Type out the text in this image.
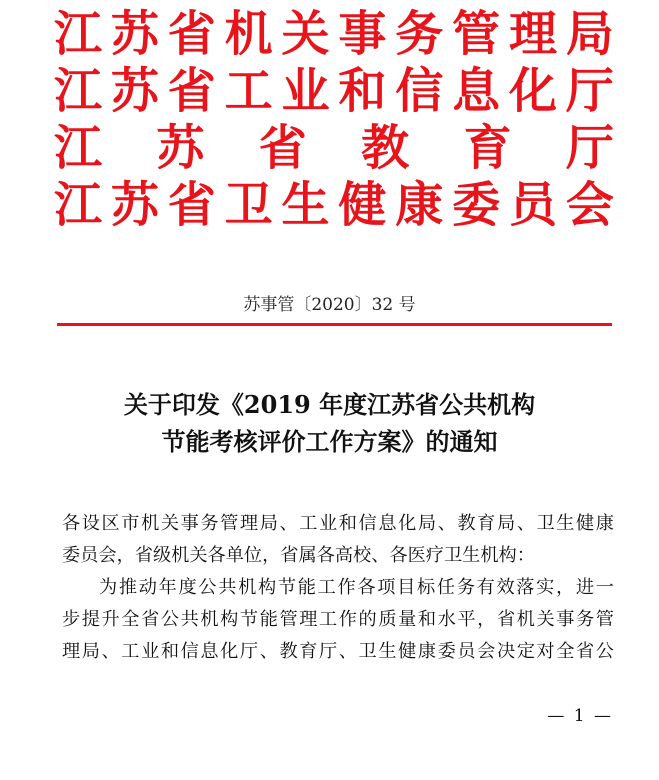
江 苏 省 机 关 事 务 管 理 局
江 苏 省 工 业 和 信 息 化 厅
江 苏 省 教 育 厅
江 苏 省 卫 生 健 康 委 员 会
苏事管〔2020〕32 号
关于印发《2019 年度江苏省公共机构
节能考核评价工作方案》的通知
各设区市机关事务管理局、工业和信息化局、教育局、卫生健康
委员会，省级机关各单位，省属各高校、各医疗卫生机构：
为推动年度公共机构节能工作各项目标任务有效落实，进一
步提升全省公共机构节能管理工作的质量和水平，省机关事务管
理局、工业和信息化厅、教育厅、卫生健康委员会决定对全省公
— 1 —
